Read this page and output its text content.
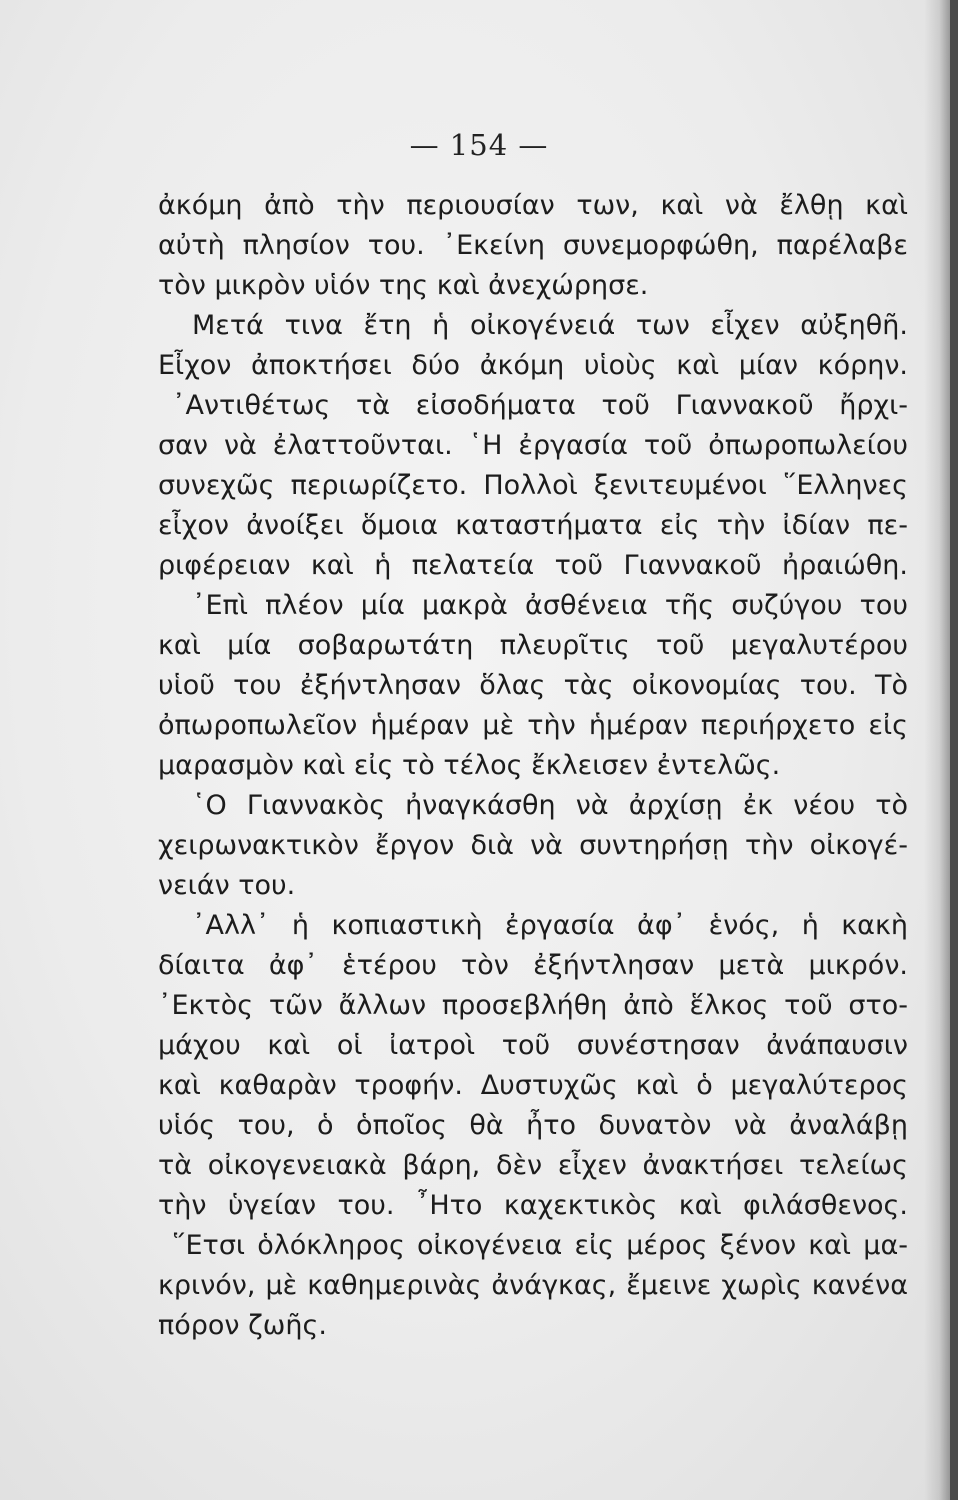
— 154 —
ἀκόμη ἀπὸ τὴν περιουσίαν των, καὶ νὰ ἔλθῃ καὶ
αὐτὴ πλησίον του. ᾿Εκείνη συνεμορφώθη, παρέλαβε
τὸν μικρὸν υἱόν της καὶ ἀνεχώρησε.
Μετά τινα ἔτη ἡ οἰκογένειά των εἶχεν αὐξηθῆ.
Εἶχον ἀποκτήσει δύο ἀκόμη υἱοὺς καὶ μίαν κόρην.
᾿Αντιθέτως τὰ εἰσοδήματα τοῦ Γιαννακοῦ ἤρχι-
σαν νὰ ἐλαττοῦνται. ῾Η ἐργασία τοῦ ὀπωροπωλείου
συνεχῶς περιωρίζετο. Πολλοὶ ξενιτευμένοι ῞Ελληνες
εἶχον ἀνοίξει ὅμοια καταστήματα εἰς τὴν ἰδίαν πε-
ριφέρειαν καὶ ἡ πελατεία τοῦ Γιαννακοῦ ἠραιώθη.
᾿Επὶ πλέον μία μακρὰ ἀσθένεια τῆς συζύγου του
καὶ μία σοβαρωτάτη πλευρῖτις τοῦ μεγαλυτέρου
υἱοῦ του ἐξήντλησαν ὅλας τὰς οἰκονομίας του. Τὸ
ὀπωροπωλεῖον ἡμέραν μὲ τὴν ἡμέραν περιήρχετο εἰς
μαρασμὸν καὶ εἰς τὸ τέλος ἔκλεισεν ἐντελῶς.
῾Ο Γιαννακὸς ἠναγκάσθη νὰ ἀρχίσῃ ἐκ νέου τὸ
χειρωνακτικὸν ἔργον διὰ νὰ συντηρήσῃ τὴν οἰκογέ-
νειάν του.
᾿Αλλ᾿ ἡ κοπιαστικὴ ἐργασία ἀφ᾿ ἑνός, ἡ κακὴ
δίαιτα ἀφ᾿ ἑτέρου τὸν ἐξήντλησαν μετὰ μικρόν.
᾿Εκτὸς τῶν ἄλλων προσεβλήθη ἀπὸ ἕλκος τοῦ στο-
μάχου καὶ οἱ ἰατροὶ τοῦ συνέστησαν ἀνάπαυσιν
καὶ καθαρὰν τροφήν. Δυστυχῶς καὶ ὁ μεγαλύτερος
υἱός του, ὁ ὁποῖος θὰ ἦτο δυνατὸν νὰ ἀναλάβῃ
τὰ οἰκογενειακὰ βάρη, δὲν εἶχεν ἀνακτήσει τελείως
τὴν ὑγείαν του. ῏Ητο καχεκτικὸς καὶ φιλάσθενος.
῞Ετσι ὁλόκληρος οἰκογένεια εἰς μέρος ξένον καὶ μα-
κρινόν, μὲ καθημερινὰς ἀνάγκας, ἔμεινε χωρὶς κανένα
πόρον ζωῆς.
